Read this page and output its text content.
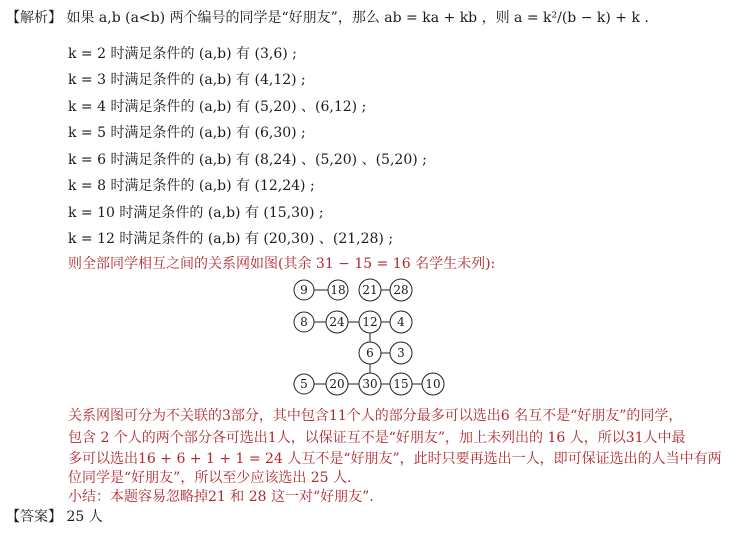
【解析】 如果 a,b (a<b) 两个编号的同学是“好朋友”，那么 ab = ka + kb ，则 a = k²/(b − k) + k .
k = 2 时满足条件的 (a,b) 有 (3,6) ;
k = 3 时满足条件的 (a,b) 有 (4,12) ;
k = 4 时满足条件的 (a,b) 有 (5,20) 、(6,12) ;
k = 5 时满足条件的 (a,b) 有 (6,30) ;
k = 6 时满足条件的 (a,b) 有 (8,24) 、(5,20) 、(5,20) ;
k = 8 时满足条件的 (a,b) 有 (12,24) ;
k = 10 时满足条件的 (a,b) 有 (15,30) ;
k = 12 时满足条件的 (a,b) 有 (20,30) 、(21,28) ;
则全部同学相互之间的关系网如图(其余 31 − 15 = 16 名学生未列):
9 18 21 28
8 24 12 4
6 3
5 20 30 15 10
关系网图可分为不关联的3部分，其中包含11个人的部分最多可以选出6 名互不是“好朋友”的同学，
包含 2 个人的两个部分各可选出1人，以保证互不是“好朋友”，加上未列出的 16 人，所以31人中最
多可以选出16 + 6 + 1 + 1 = 24 人互不是“好朋友”，此时只要再选出一人，即可保证选出的人当中有两
位同学是“好朋友”，所以至少应该选出 25 人.
小结：本题容易忽略掉21 和 28 这一对“好朋友”.
【答案】 25 人
